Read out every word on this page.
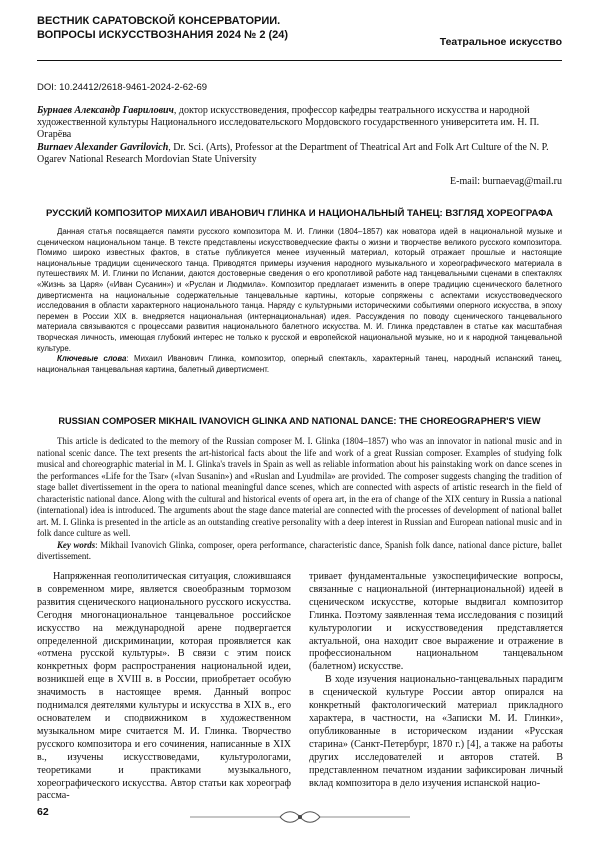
ВЕСТНИК САРАТОВСКОЙ КОНСЕРВАТОРИИ.
ВОПРОСЫ ИСКУССТВОЗНАНИЯ 2024 № 2 (24)
Театральное искусство
DOI: 10.24412/2618-9461-2024-2-62-69

Бурнаев Александр Гаврилович, доктор искусствоведения, профессор кафедры театрального искусства и народной художественной культуры Национального исследовательского Мордовского государственного университета им. Н. П. Огарёва

Burnaev Alexander Gavrilovich, Dr. Sci. (Arts), Professor at the Department of Theatrical Art and Folk Art Culture of the N. P. Ogarev National Research Mordovian State University

E-mail: burnaevag@mail.ru
РУССКИЙ КОМПОЗИТОР МИХАИЛ ИВАНОВИЧ ГЛИНКА И НАЦИОНАЛЬНЫЙ ТАНЕЦ: ВЗГЛЯД ХОРЕОГРАФА

Данная статья посвящается памяти русского композитора М. И. Глинки (1804–1857) как новатора идей в национальной музыке и сценическом национальном танце. В тексте представлены искусствоведческие факты о жизни и творчестве великого русского композитора. Помимо широко известных фактов, в статье публикуется менее изученный материал, который отражает прошлые и настоящие национальные традиции сценического танца. Приводятся примеры изучения народного музыкального и хореографического материала в путешествиях М. И. Глинки по Испании, даются достоверные сведения о его кропотливой работе над танцевальными сценами в спектаклях «Жизнь за Царя» («Иван Сусанин») и «Руслан и Людмила». Композитор предлагает изменить в опере традицию сценического балетного дивертисмента на национальные содержательные танцевальные картины, которые сопряжены с аспектами искусствоведческого исследования в области характерного национального танца. Наряду с культурными историческими событиями оперного искусства, в эпоху перемен в России XIX в. внедряется национальная (интернациональная) идея. Рассуждения по поводу сценического танцевального материала связываются с процессами развития национального балетного искусства. М. И. Глинка представлен в статье как масштабная творческая личность, имеющая глубокий интерес не только к русской и европейской национальной музыке, но и к народной танцевальной культуре.

Ключевые слова: Михаил Иванович Глинка, композитор, оперный спектакль, характерный танец, народный испанский танец, национальная танцевальная картина, балетный дивертисмент.

RUSSIAN COMPOSER MIKHAIL IVANOVICH GLINKA AND NATIONAL DANCE: THE CHOREOGRAPHER'S VIEW

This article is dedicated to the memory of the Russian composer M. I. Glinka (1804–1857) who was an innovator in national music and in national scenic dance. The text presents the art-historical facts about the life and work of a great Russian composer. Examples of studying folk musical and choreographic material in M. I. Glinka's travels in Spain as well as reliable information about his painstaking work on dance scenes in the performances «Life for the Tsar» («Ivan Susanin») and «Ruslan and Lyudmila» are provided. The composer suggests changing the tradition of stage ballet divertissement in the opera to national meaningful dance scenes, which are connected with aspects of artistic research in the field of characteristic national dance. Along with the cultural and historical events of opera art, in the era of change of the XIX century in Russia a national (international) idea is introduced. The arguments about the stage dance material are connected with the processes of development of national ballet art. M. I. Glinka is presented in the article as an outstanding creative personality with a deep interest in Russian and European national music and in folk dance culture as well.

Key words: Mikhail Ivanovich Glinka, composer, opera performance, characteristic dance, Spanish folk dance, national dance picture, ballet divertissement.

Напряженная геополитическая ситуация, сложившаяся в современном мире, является своеобразным тормозом развития сценического национального русского искусства. Сегодня многонациональное танцевальное российское искусство на международной арене подвергается определенной дискриминации, которая проявляется как «отмена русской культуры». В связи с этим поиск конкретных форм распространения национальной идеи, возникшей еще в XVIII в. в России, приобретает особую значимость в настоящее время. Данный вопрос поднимался деятелями культуры и искусства в XIX в., его основателем и сподвижником в художественном музыкальном мире считается М. И. Глинка. Творчество русского композитора и его сочинения, написанные в XIX в., изучены искусствоведами, культурологами, теоретиками и практиками музыкального, хореографического искусства. Автор статьи как хореограф рассма-

тривает фундаментальные узкоспецифические вопросы, связанные с национальной (интернациональной) идеей в сценическом искусстве, которые выдвигал композитор Глинка. Поэтому заявленная тема исследования с позиций культурологии и искусствоведения представляется актуальной, она находит свое выражение и отражение в профессиональном национальном танцевальном (балетном) искусстве.

В ходе изучения национально-танцевальных парадигм в сценической культуре России автор опирался на конкретный фактологический материал прикладного характера, в частности, на «Записки М. И. Глинки», опубликованные в историческом издании «Русская старина» (Санкт-Петербург, 1870 г.) [4], а также на работы других исследователей и авторов статей. В представленном печатном издании зафиксирован личный вклад композитора в дело изучения испанской нацио-

62
